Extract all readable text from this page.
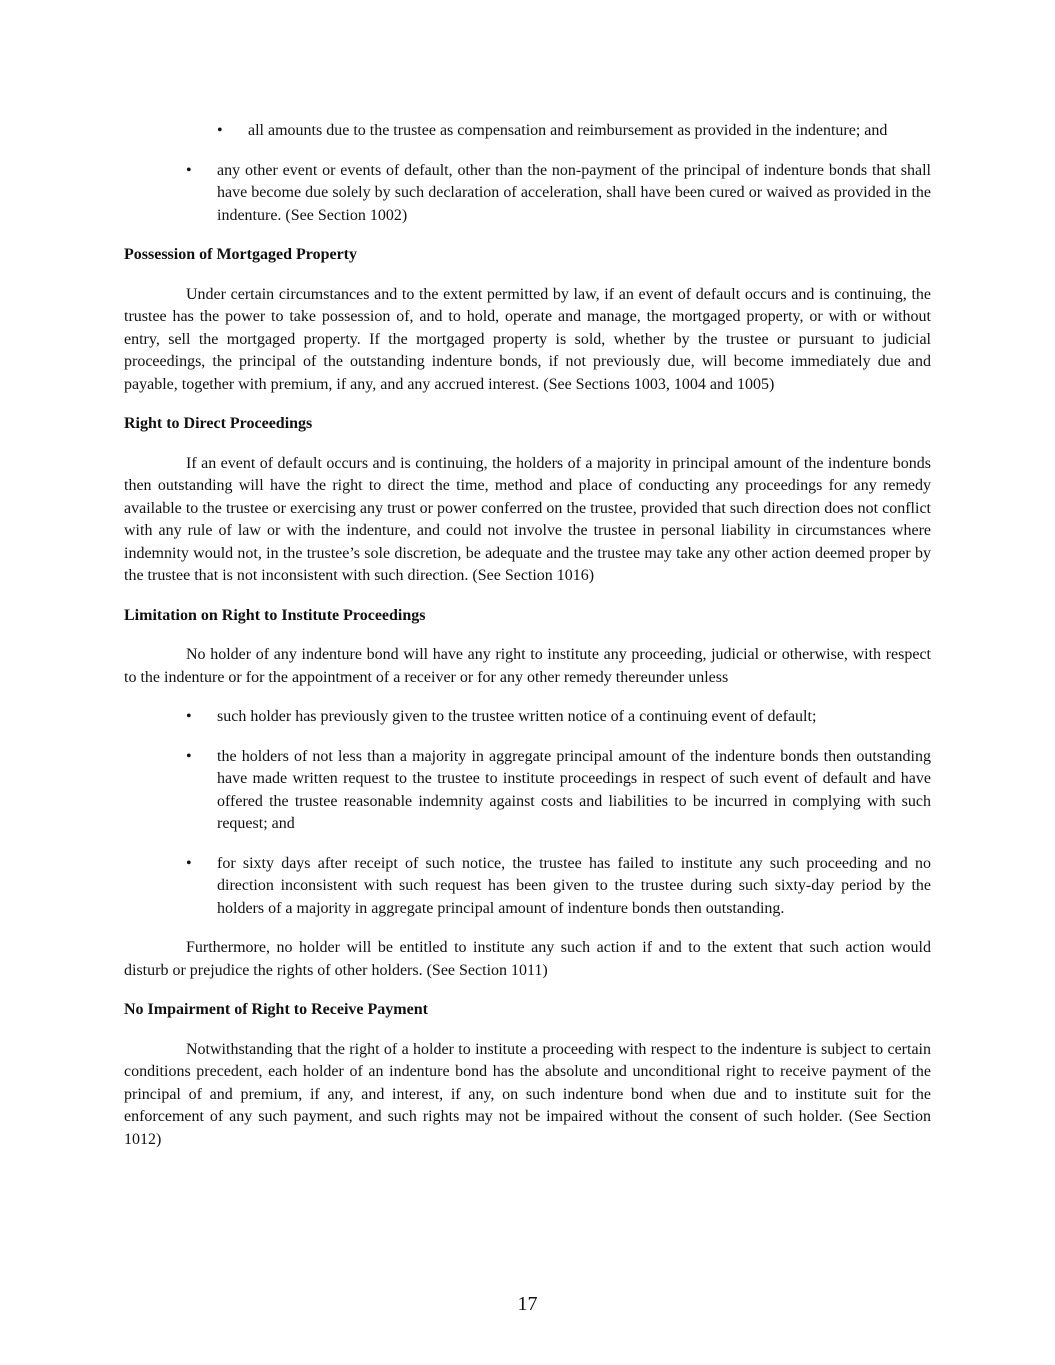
• all amounts due to the trustee as compensation and reimbursement as provided in the indenture; and
• any other event or events of default, other than the non-payment of the principal of indenture bonds that shall have become due solely by such declaration of acceleration, shall have been cured or waived as provided in the indenture. (See Section 1002)
Possession of Mortgaged Property
Under certain circumstances and to the extent permitted by law, if an event of default occurs and is continuing, the trustee has the power to take possession of, and to hold, operate and manage, the mortgaged property, or with or without entry, sell the mortgaged property. If the mortgaged property is sold, whether by the trustee or pursuant to judicial proceedings, the principal of the outstanding indenture bonds, if not previously due, will become immediately due and payable, together with premium, if any, and any accrued interest. (See Sections 1003, 1004 and 1005)
Right to Direct Proceedings
If an event of default occurs and is continuing, the holders of a majority in principal amount of the indenture bonds then outstanding will have the right to direct the time, method and place of conducting any proceedings for any remedy available to the trustee or exercising any trust or power conferred on the trustee, provided that such direction does not conflict with any rule of law or with the indenture, and could not involve the trustee in personal liability in circumstances where indemnity would not, in the trustee’s sole discretion, be adequate and the trustee may take any other action deemed proper by the trustee that is not inconsistent with such direction. (See Section 1016)
Limitation on Right to Institute Proceedings
No holder of any indenture bond will have any right to institute any proceeding, judicial or otherwise, with respect to the indenture or for the appointment of a receiver or for any other remedy thereunder unless
• such holder has previously given to the trustee written notice of a continuing event of default;
• the holders of not less than a majority in aggregate principal amount of the indenture bonds then outstanding have made written request to the trustee to institute proceedings in respect of such event of default and have offered the trustee reasonable indemnity against costs and liabilities to be incurred in complying with such request; and
• for sixty days after receipt of such notice, the trustee has failed to institute any such proceeding and no direction inconsistent with such request has been given to the trustee during such sixty-day period by the holders of a majority in aggregate principal amount of indenture bonds then outstanding.
Furthermore, no holder will be entitled to institute any such action if and to the extent that such action would disturb or prejudice the rights of other holders. (See Section 1011)
No Impairment of Right to Receive Payment
Notwithstanding that the right of a holder to institute a proceeding with respect to the indenture is subject to certain conditions precedent, each holder of an indenture bond has the absolute and unconditional right to receive payment of the principal of and premium, if any, and interest, if any, on such indenture bond when due and to institute suit for the enforcement of any such payment, and such rights may not be impaired without the consent of such holder. (See Section 1012)
17
